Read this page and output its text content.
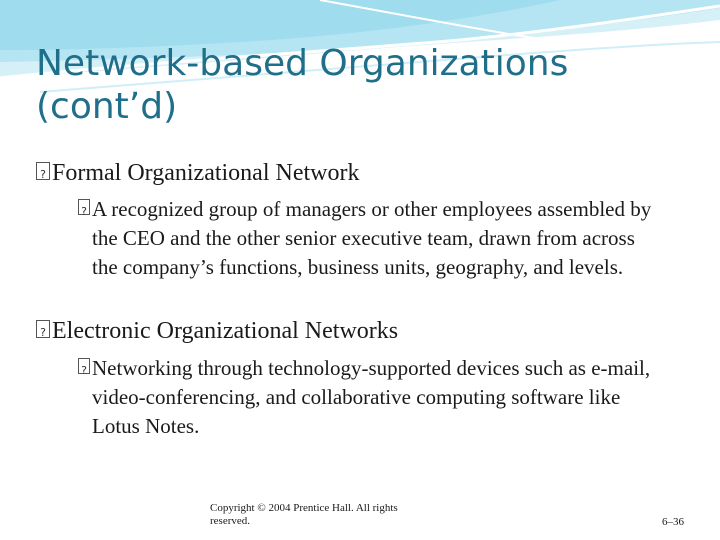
Network-based Organizations (cont’d)
?
Formal Organizational Network
?
A recognized group of managers or other employees assembled by the CEO and the other senior executive team, drawn from across the company’s functions, business units, geography, and levels.
?
Electronic Organizational Networks
?
Networking through technology-supported devices such as e-mail, video-conferencing, and collaborative computing software like Lotus Notes.
Copyright © 2004 Prentice Hall. All rights reserved.	6–36
